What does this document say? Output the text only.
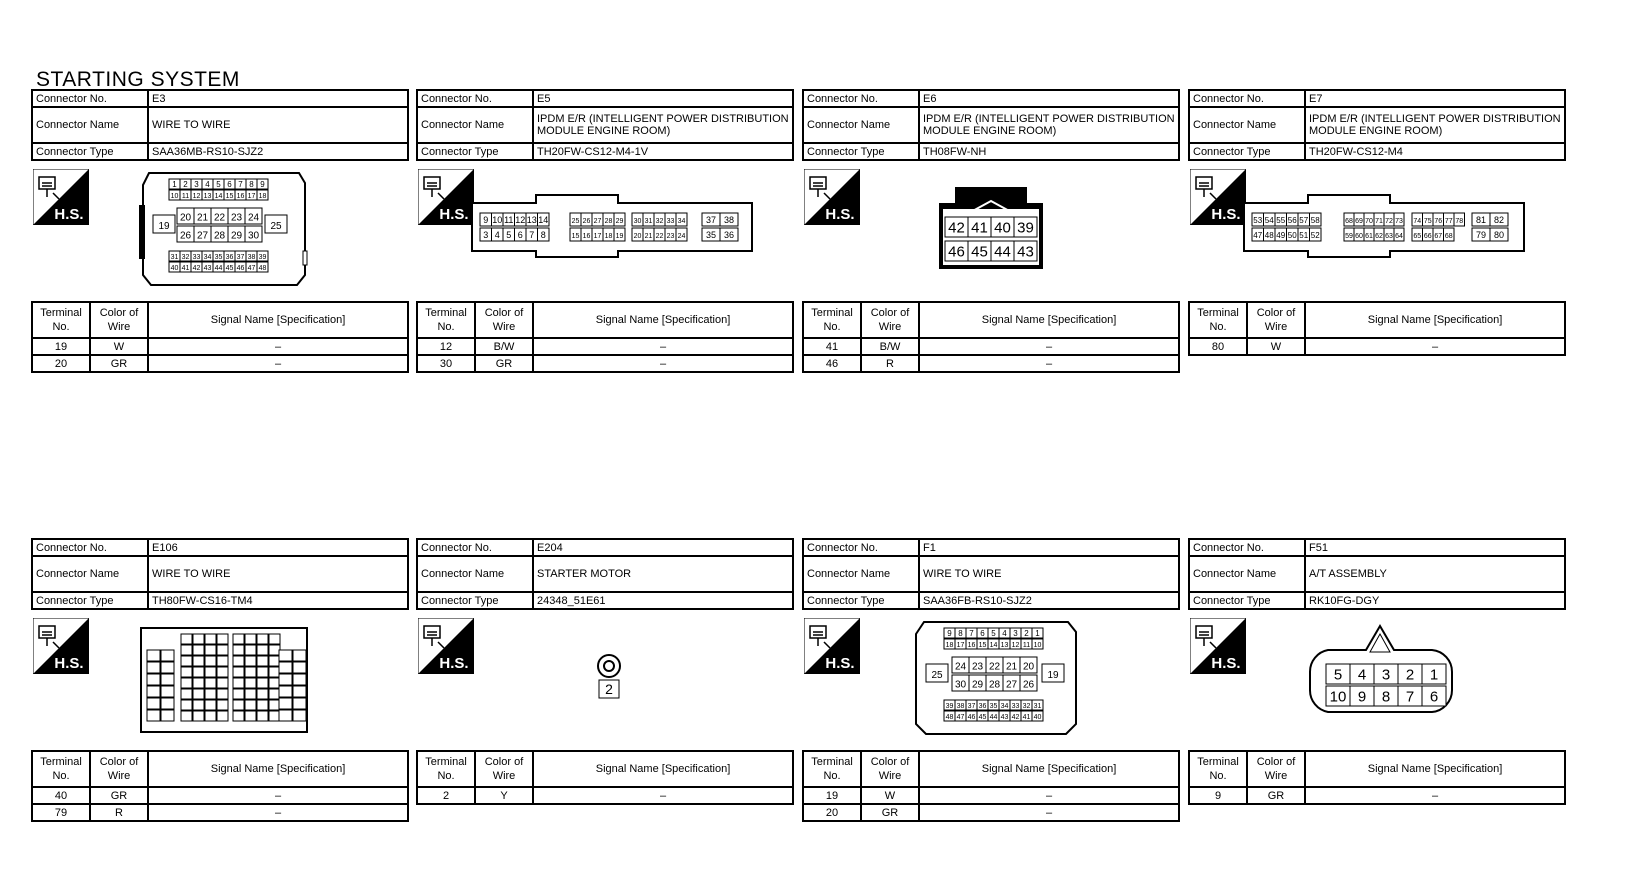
STARTING SYSTEM
Connector No.	E3
Connector Name	WIRE TO WIRE
Connector Type	SAA36MB-RS10-SJZ2
H.S.
1 2 3 4 5 6 7 8 9
10 11 12 13 14 15 16 17 18
19
20 21 22 23 24
26 27 28 29 30
25
31 32 33 34 35 36 37 38 39
40 41 42 43 44 45 46 47 48
Terminal No.	Color of Wire	Signal Name [Specification]
19	W	–
20	GR	–
Connector No.	E5
Connector Name	IPDM E/R (INTELLIGENT POWER DISTRIBUTION MODULE ENGINE ROOM)
Connector Type	TH20FW-CS12-M4-1V
H.S. 9 10 11 12 13 14
3 4 5 6 7 8
25 26 27 28 29
15 16 17 18 19
30 31 32 33 34
20 21 22 23 24
37 38
35 36
Terminal No.	Color of Wire	Signal Name [Specification]
12	B/W	–
30	GR	–
Connector No.	E6
Connector Name	IPDM E/R (INTELLIGENT POWER DISTRIBUTION MODULE ENGINE ROOM)
Connector Type	TH08FW-NH
H.S.
42 41 40 39
46 45 44 43
Terminal No.	Color of Wire	Signal Name [Specification]
41	B/W	–
46	R	–
Connector No.	E7
Connector Name	IPDM E/R (INTELLIGENT POWER DISTRIBUTION MODULE ENGINE ROOM)
Connector Type	TH20FW-CS12-M4
H.S. 53 54 55 56 57 58
47 48 49 50 51 52
68 69 70 71 72 73
59 60 61 62 63 64
74 75 76 77 78
65 66 67 68
81 82
79 80
Terminal No.	Color of Wire	Signal Name [Specification]
80	W	–
Connector No.	E106
Connector Name	WIRE TO WIRE
Connector Type	TH80FW-CS16-TM4
H.S.
Terminal No.	Color of Wire	Signal Name [Specification]
40	GR	–
79	R	–
Connector No.	E204
Connector Name	STARTER MOTOR
Connector Type	24348_51E61
H.S.
2
Terminal No.	Color of Wire	Signal Name [Specification]
2	Y	–
Connector No.	F1
Connector Name	WIRE TO WIRE
Connector Type	SAA36FB-RS10-SJZ2
H.S.
9 8 7 6 5 4 3 2 1
18 17 16 15 14 13 12 11 10
25
24 23 22 21 20
30 29 28 27 26
19
39 38 37 36 35 34 33 32 31
48 47 46 45 44 43 42 41 40
Terminal No.	Color of Wire	Signal Name [Specification]
19	W	–
20	GR	–
Connector No.	F51
Connector Name	A/T ASSEMBLY
Connector Type	RK10FG-DGY
H.S.
5 4 3 2 1
10 9 8 7 6
Terminal No.	Color of Wire	Signal Name [Specification]
9	GR	–
